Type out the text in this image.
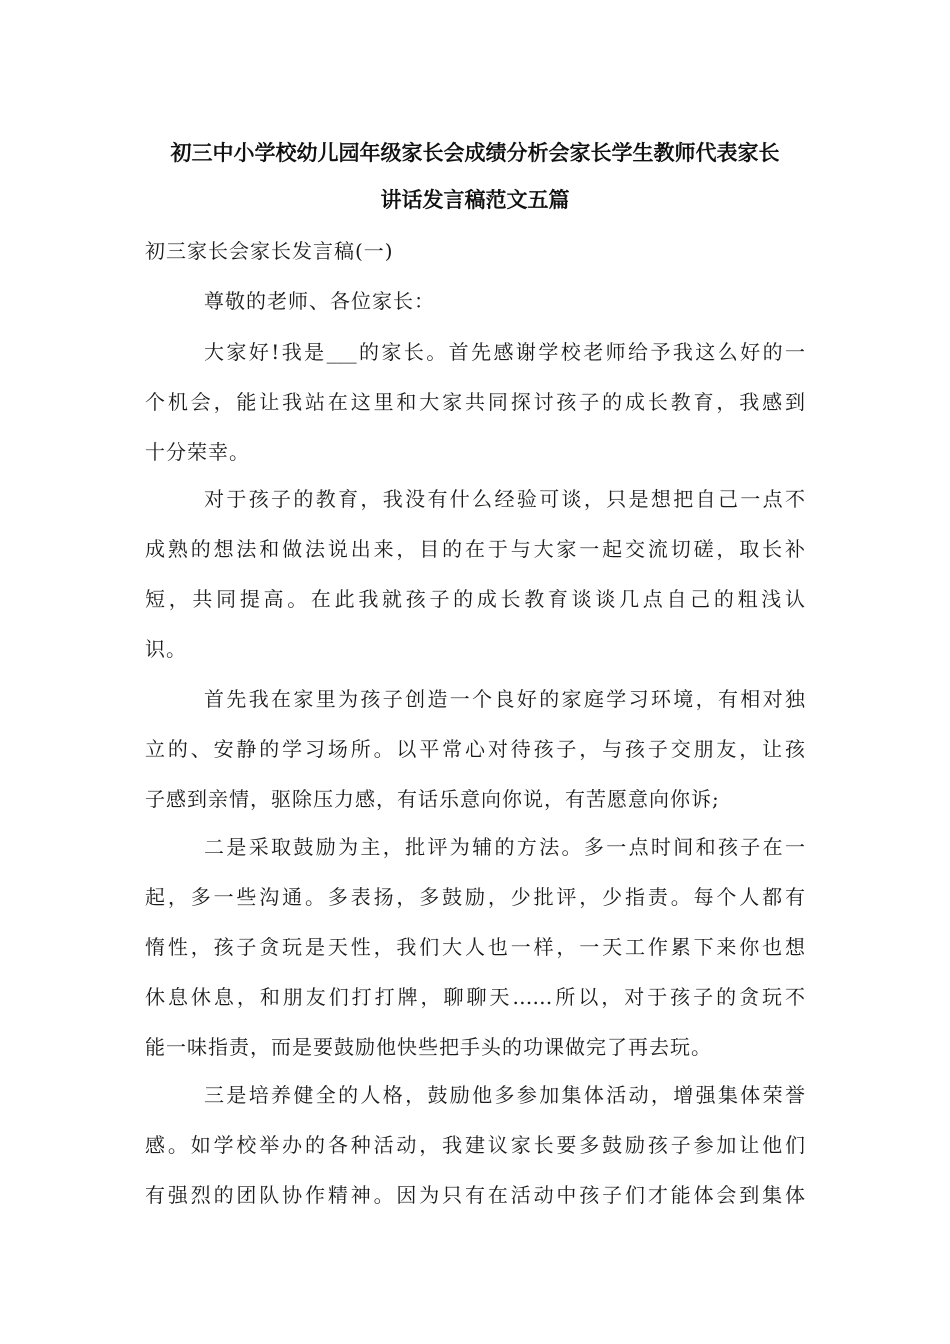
初三中小学校幼儿园年级家长会成绩分析会家长学生教师代表家长
讲话发言稿范文五篇
初三家长会家长发言稿(一)
尊敬的老师、各位家长：
大家好!我是___的家长。首先感谢学校老师给予我这么好的一
个机会，能让我站在这里和大家共同探讨孩子的成长教育，我感到
十分荣幸。
对于孩子的教育，我没有什么经验可谈，只是想把自己一点不
成熟的想法和做法说出来，目的在于与大家一起交流切磋，取长补
短，共同提高。在此我就孩子的成长教育谈谈几点自己的粗浅认
识。
首先我在家里为孩子创造一个良好的家庭学习环境，有相对独
立的、安静的学习场所。以平常心对待孩子，与孩子交朋友，让孩
子感到亲情，驱除压力感，有话乐意向你说，有苦愿意向你诉;
二是采取鼓励为主，批评为辅的方法。多一点时间和孩子在一
起，多一些沟通。多表扬，多鼓励，少批评，少指责。每个人都有
惰性，孩子贪玩是天性，我们大人也一样，一天工作累下来你也想
休息休息，和朋友们打打牌，聊聊天……所以，对于孩子的贪玩不
能一味指责，而是要鼓励他快些把手头的功课做完了再去玩。
三是培养健全的人格，鼓励他多参加集体活动，增强集体荣誉
感。如学校举办的各种活动，我建议家长要多鼓励孩子参加让他们
有强烈的团队协作精神。因为只有在活动中孩子们才能体会到集体
